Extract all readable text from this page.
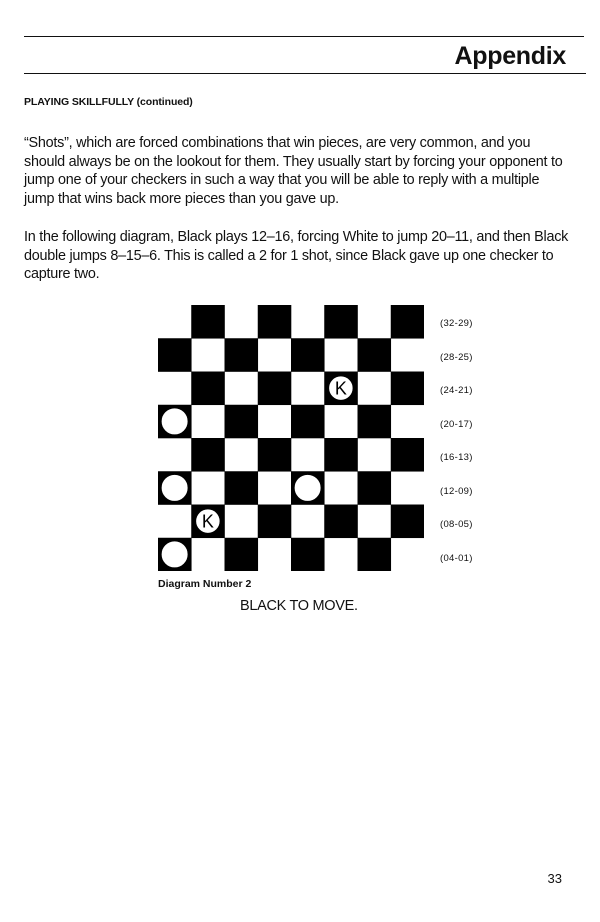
Appendix
PLAYING SKILLFULLY (continued)

“Shots”, which are forced combinations that win pieces, are very common, and you should always be on the lookout for them. They usually start by forcing your opponent to jump one of your checkers in such a way that you will be able to reply with a multiple jump that wins back more pieces than you gave up.

In the following diagram, Black plays 12–16, forcing White to jump 20–11, and then Black double jumps 8–15–6. This is called a 2 for 1 shot, since Black gave up one checker to capture two.

K
K
(32-29)
(28-25)
(24-21)
(20-17)
(16-13)
(12-09)
(08-05)
(04-01)
Diagram Number 2
BLACK TO MOVE.
33
